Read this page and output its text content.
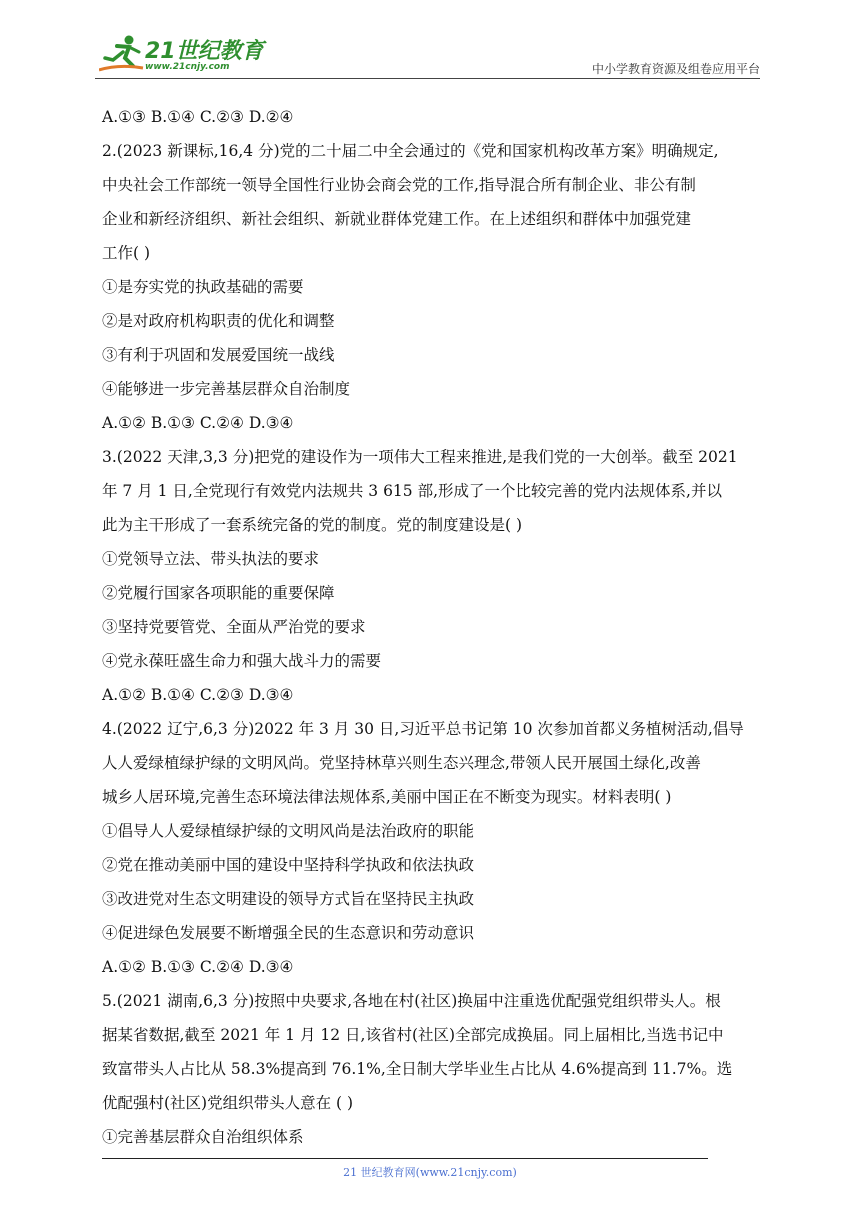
21世纪教育
www.21cnjy.com	中小学教育资源及组卷应用平台
A.①③ B.①④ C.②③ D.②④
2.(2023 新课标,16,4 分)党的二十届二中全会通过的《党和国家机构改革方案》明确规定,
中央社会工作部统一领导全国性行业协会商会党的工作,指导混合所有制企业、非公有制
企业和新经济组织、新社会组织、新就业群体党建工作。在上述组织和群体中加强党建
工作( )
①是夯实党的执政基础的需要
②是对政府机构职责的优化和调整
③有利于巩固和发展爱国统一战线
④能够进一步完善基层群众自治制度
A.①② B.①③ C.②④ D.③④
3.(2022 天津,3,3 分)把党的建设作为一项伟大工程来推进,是我们党的一大创举。截至 2021
年 7 月 1 日,全党现行有效党内法规共 3 615 部,形成了一个比较完善的党内法规体系,并以
此为主干形成了一套系统完备的党的制度。党的制度建设是( )
①党领导立法、带头执法的要求
②党履行国家各项职能的重要保障
③坚持党要管党、全面从严治党的要求
④党永葆旺盛生命力和强大战斗力的需要
A.①② B.①④ C.②③ D.③④
4.(2022 辽宁,6,3 分)2022 年 3 月 30 日,习近平总书记第 10 次参加首都义务植树活动,倡导
人人爱绿植绿护绿的文明风尚。党坚持林草兴则生态兴理念,带领人民开展国土绿化,改善
城乡人居环境,完善生态环境法律法规体系,美丽中国正在不断变为现实。材料表明( )
①倡导人人爱绿植绿护绿的文明风尚是法治政府的职能
②党在推动美丽中国的建设中坚持科学执政和依法执政
③改进党对生态文明建设的领导方式旨在坚持民主执政
④促进绿色发展要不断增强全民的生态意识和劳动意识
A.①② B.①③ C.②④ D.③④
5.(2021 湖南,6,3 分)按照中央要求,各地在村(社区)换届中注重选优配强党组织带头人。根
据某省数据,截至 2021 年 1 月 12 日,该省村(社区)全部完成换届。同上届相比,当选书记中
致富带头人占比从 58.3%提高到 76.1%,全日制大学毕业生占比从 4.6%提高到 11.7%。选
优配强村(社区)党组织带头人意在 ( )
①完善基层群众自治组织体系
21 世纪教育网(www.21cnjy.com)
